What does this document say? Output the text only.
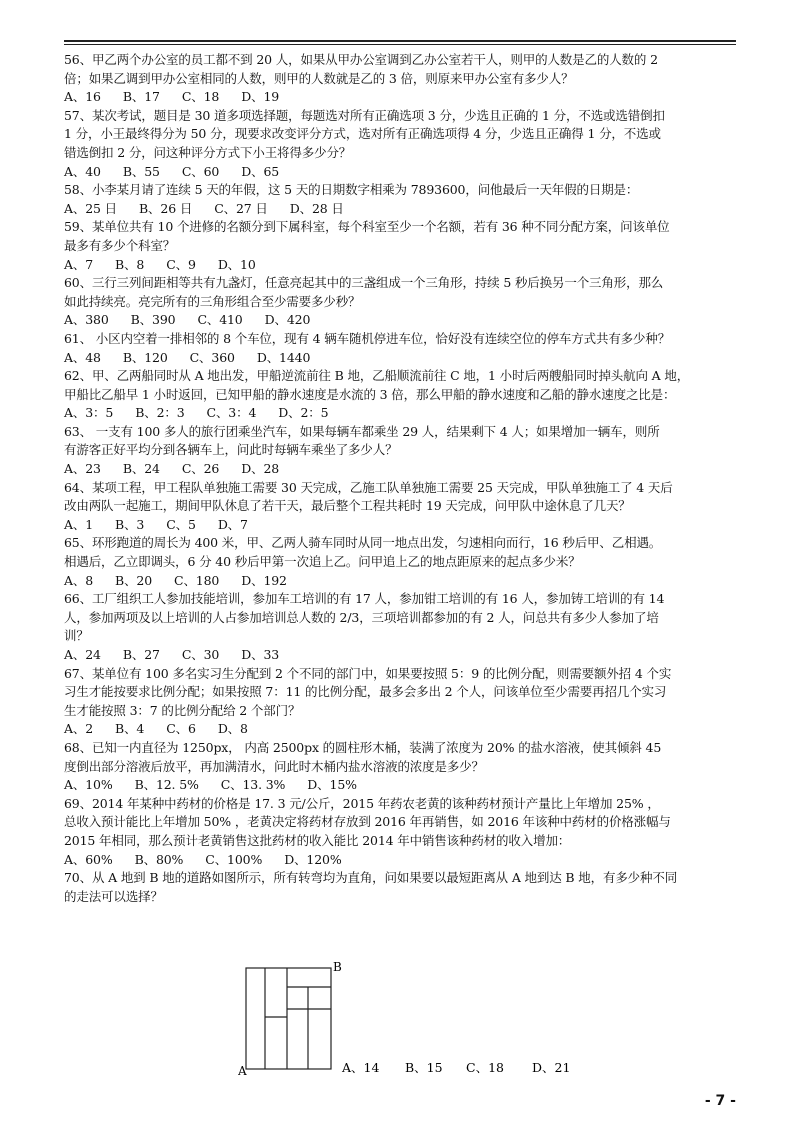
56、甲乙两个办公室的员工都不到 20 人，如果从甲办公室调到乙办公室若干人，则甲的人数是乙的人数的 2
倍；如果乙调到甲办公室相同的人数，则甲的人数就是乙的 3 倍，则原来甲办公室有多少人？
A、16 B、17 C、18 D、19
57、某次考试，题目是 30 道多项选择题，每题选对所有正确选项 3 分，少选且正确的 1 分，不选或选错倒扣
1 分，小王最终得分为 50 分，现要求改变评分方式，选对所有正确选项得 4 分，少选且正确得 1 分，不选或
错选倒扣 2 分，问这种评分方式下小王将得多少分？
A、40 B、55 C、60 D、65
58、小李某月请了连续 5 天的年假，这 5 天的日期数字相乘为 7893600，问他最后一天年假的日期是：
A、25 日 B、26 日 C、27 日 D、28 日
59、某单位共有 10 个进修的名额分到下属科室，每个科室至少一个名额，若有 36 种不同分配方案，问该单位
最多有多少个科室？
A、7 B、8 C、9 D、10
60、三行三列间距相等共有九盏灯，任意亮起其中的三盏组成一个三角形，持续 5 秒后换另一个三角形，那么
如此持续亮。亮完所有的三角形组合至少需要多少秒？
A、380 B、390 C、410 D、420
61、 小区内空着一排相邻的 8 个车位，现有 4 辆车随机停进车位，恰好没有连续空位的停车方式共有多少种？
A、48 B、120 C、360 D、1440
62、甲、乙两船同时从 A 地出发，甲船逆流前往 B 地，乙船顺流前往 C 地，1 小时后两艘船同时掉头航向 A 地，
甲船比乙船早 1 小时返回，已知甲船的静水速度是水流的 3 倍，那么甲船的静水速度和乙船的静水速度之比是：
A、3：5 B、2：3 C、3：4 D、2：5
63、 一支有 100 多人的旅行团乘坐汽车，如果每辆车都乘坐 29 人，结果剩下 4 人；如果增加一辆车，则所
有游客正好平均分到各辆车上，问此时每辆车乘坐了多少人？
A、23 B、24 C、26 D、28
64、某项工程，甲工程队单独施工需要 30 天完成，乙施工队单独施工需要 25 天完成，甲队单独施工了 4 天后
改由两队一起施工，期间甲队休息了若干天，最后整个工程共耗时 19 天完成，问甲队中途休息了几天？
A、1 B、3 C、5 D、7
65、环形跑道的周长为 400 米，甲、乙两人骑车同时从同一地点出发，匀速相向而行，16 秒后甲、乙相遇。
相遇后，乙立即调头，6 分 40 秒后甲第一次追上乙。问甲追上乙的地点距原来的起点多少米？
A、8 B、20 C、180 D、192
66、工厂组织工人参加技能培训，参加车工培训的有 17 人，参加钳工培训的有 16 人，参加铸工培训的有 14
人，参加两项及以上培训的人占参加培训总人数的 2/3，三项培训都参加的有 2 人，问总共有多少人参加了培
训？
A、24 B、27 C、30 D、33
67、某单位有 100 多名实习生分配到 2 个不同的部门中，如果要按照 5：9 的比例分配，则需要额外招 4 个实
习生才能按要求比例分配；如果按照 7：11 的比例分配，最多会多出 2 个人，问该单位至少需要再招几个实习
生才能按照 3：7 的比例分配给 2 个部门？
A、2 B、4 C、6 D、8
68、已知一内直径为 1250px， 内高 2500px 的圆柱形木桶，装满了浓度为 20% 的盐水溶液，使其倾斜 45
度倒出部分溶液后放平，再加满清水，问此时木桶内盐水溶液的浓度是多少？
A、10% B、12. 5% C、13. 3% D、15%
69、2014 年某种中药材的价格是 17. 3 元/公斤，2015 年药农老黄的该种药材预计产量比上年增加 25% ，
总收入预计能比上年增加 50% ，老黄决定将药材存放到 2016 年再销售，如 2016 年该种中药材的价格涨幅与
2015 年相同，那么预计老黄销售这批药材的收入能比 2014 年中销售该种药材的收入增加：
A、60% B、80% C、100% D、120%
70、从 A 地到 B 地的道路如图所示，所有转弯均为直角，问如果要以最短距离从 A 地到达 B 地，有多少种不同
的走法可以选择？
A
B
A、14 B、15 C、18 D、21
- 7 -
